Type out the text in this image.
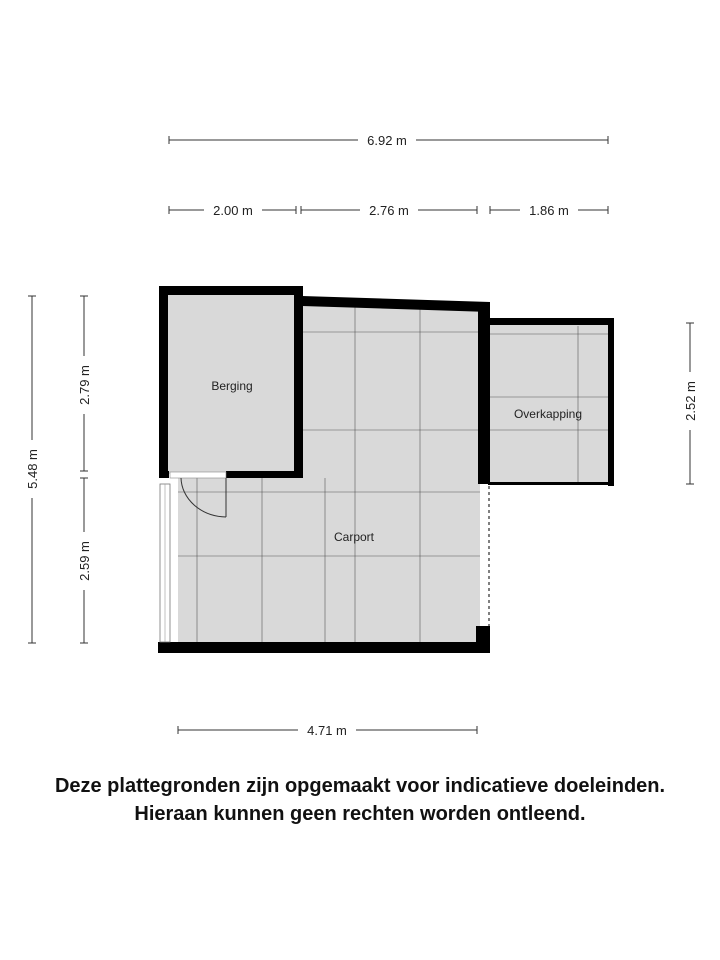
Berging
Carport
Overkapping
6.92 m
2.00 m	2.76 m	1.86 m
4.71 m
5.48 m
2.79 m
2.59 m
2.52 m
Deze plattegronden zijn opgemaakt voor indicatieve doeleinden.
Hieraan kunnen geen rechten worden ontleend.
